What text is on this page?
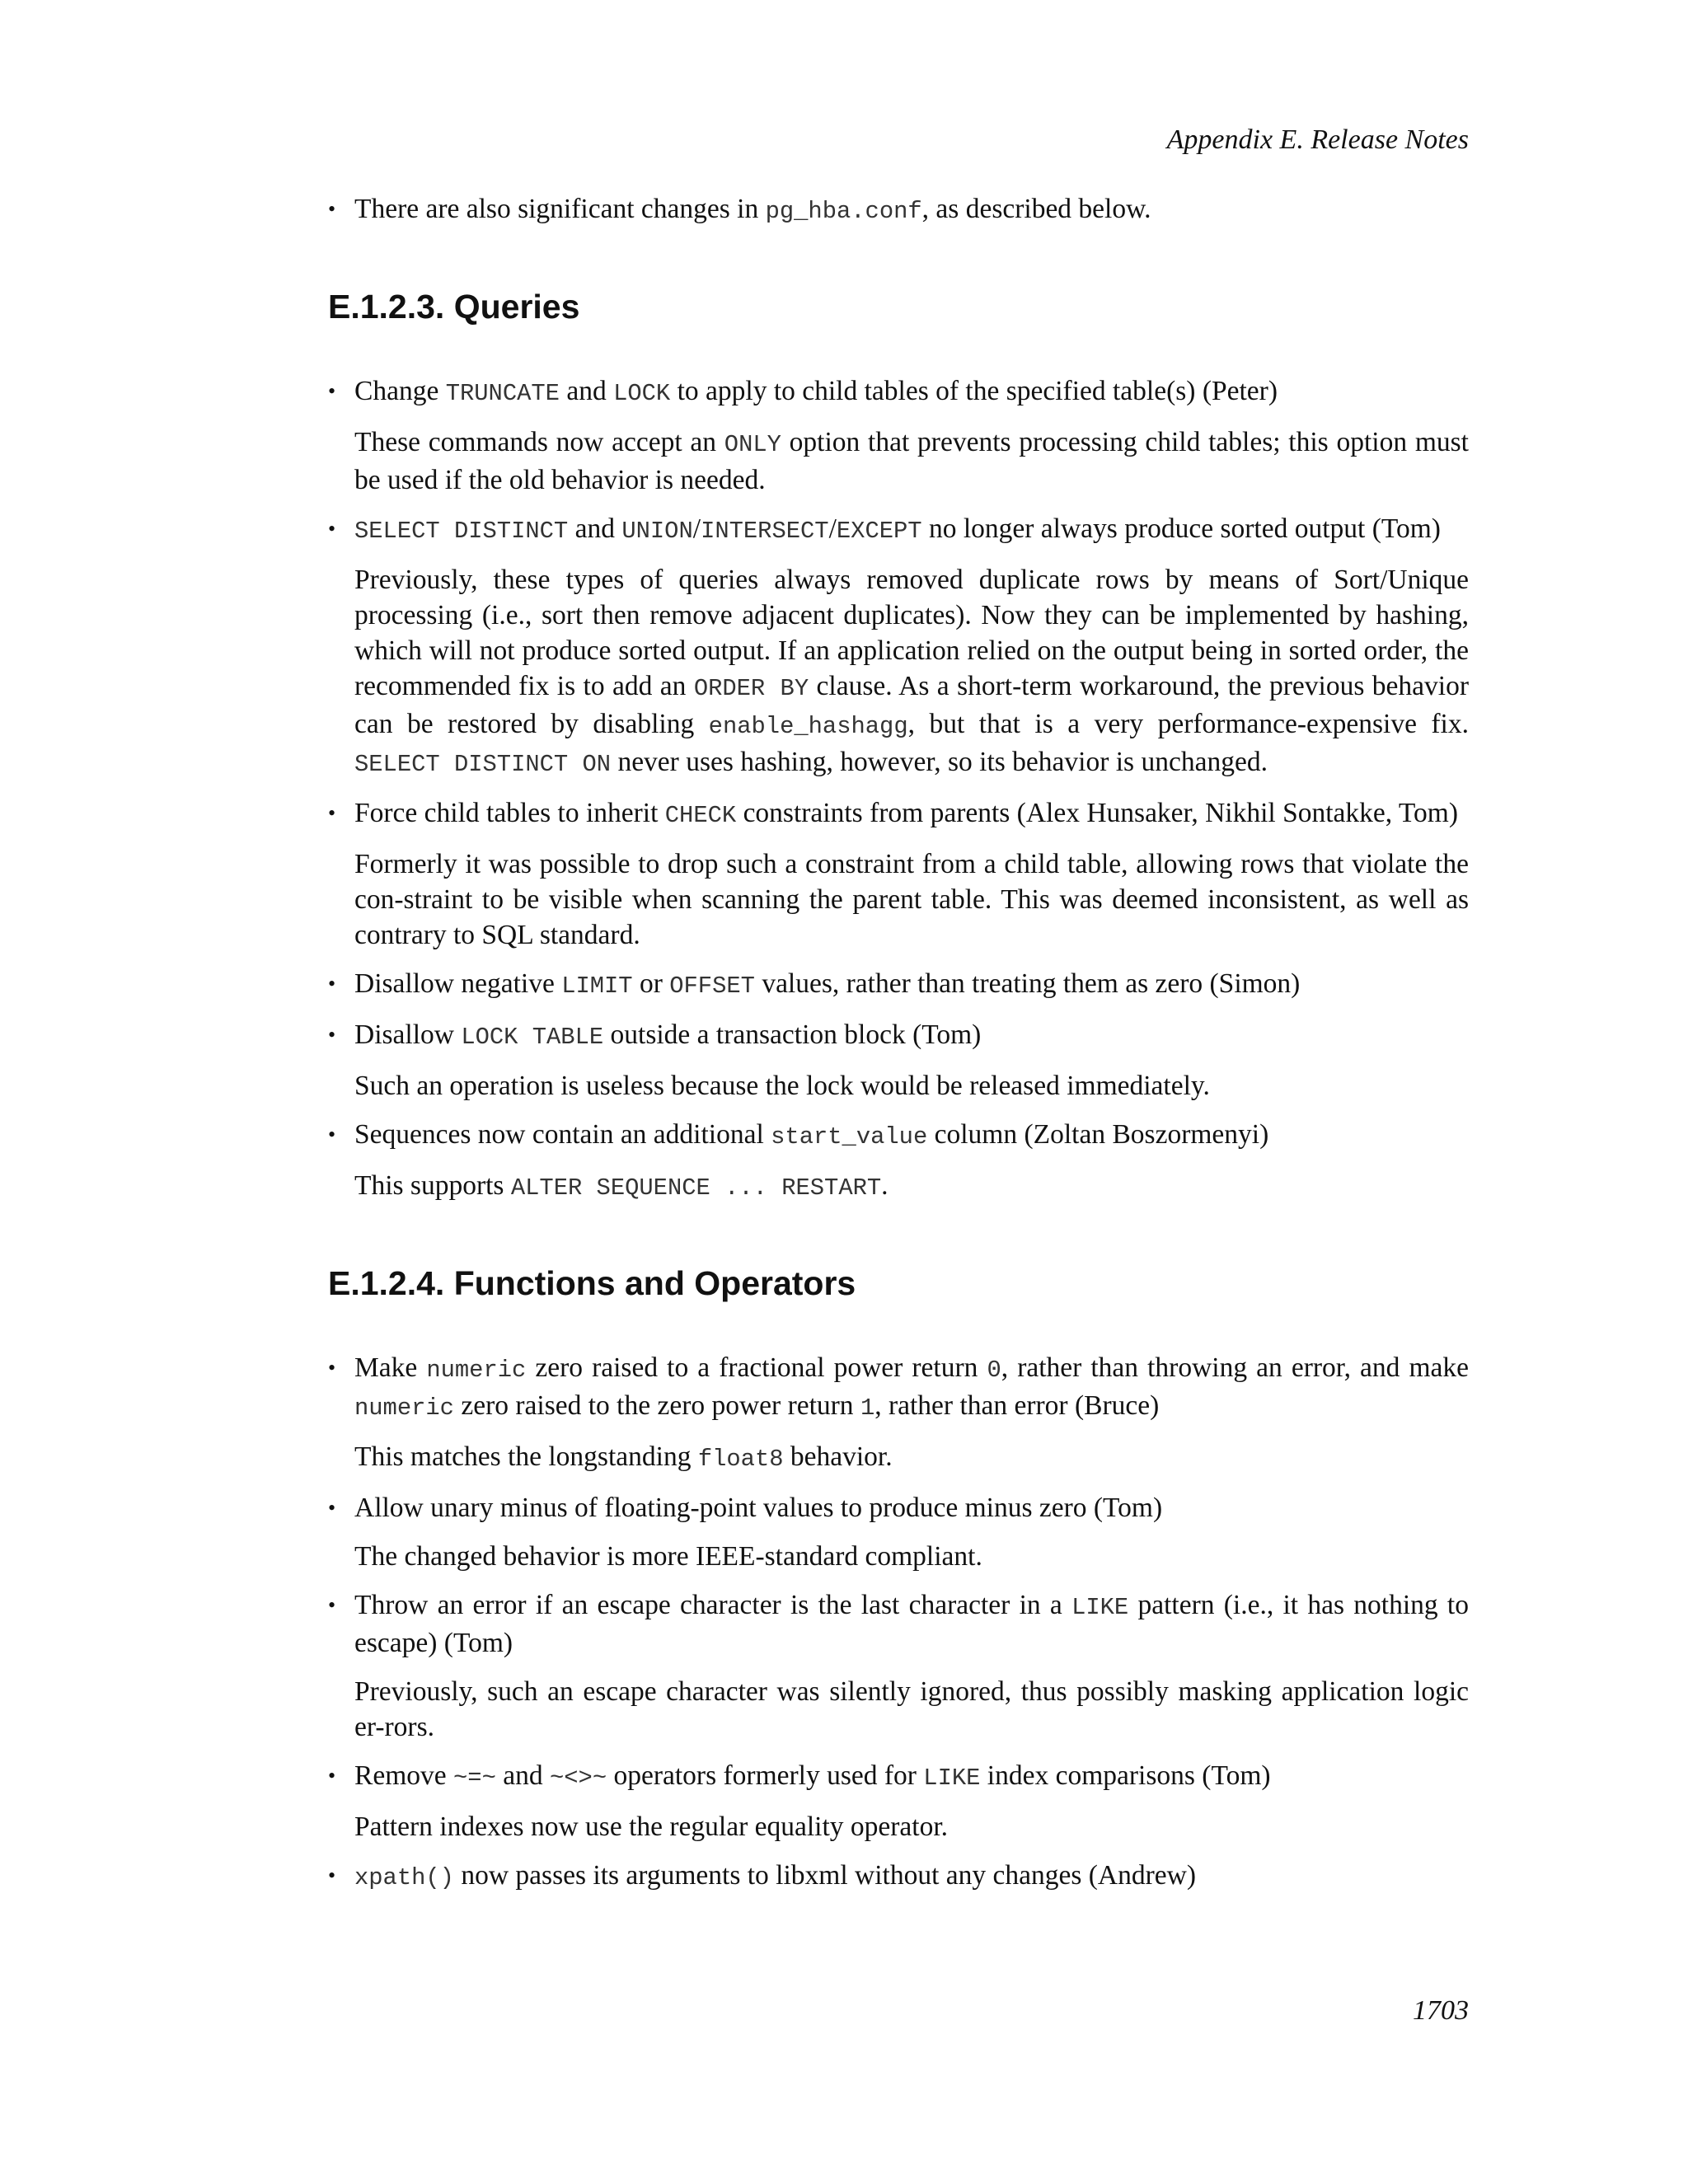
Appendix E. Release Notes
• There are also significant changes in pg_hba.conf, as described below.
E.1.2.3. Queries
• Change TRUNCATE and LOCK to apply to child tables of the specified table(s) (Peter)
These commands now accept an ONLY option that prevents processing child tables; this option must be used if the old behavior is needed.
• SELECT DISTINCT and UNION/INTERSECT/EXCEPT no longer always produce sorted output (Tom)
Previously, these types of queries always removed duplicate rows by means of Sort/Unique processing (i.e., sort then remove adjacent duplicates). Now they can be implemented by hashing, which will not produce sorted output. If an application relied on the output being in sorted order, the recommended fix is to add an ORDER BY clause. As a short-term workaround, the previous behavior can be restored by disabling enable_hashagg, but that is a very performance-expensive fix. SELECT DISTINCT ON never uses hashing, however, so its behavior is unchanged.
• Force child tables to inherit CHECK constraints from parents (Alex Hunsaker, Nikhil Sontakke, Tom)
Formerly it was possible to drop such a constraint from a child table, allowing rows that violate the con-straint to be visible when scanning the parent table. This was deemed inconsistent, as well as contrary to SQL standard.
• Disallow negative LIMIT or OFFSET values, rather than treating them as zero (Simon)
• Disallow LOCK TABLE outside a transaction block (Tom)
Such an operation is useless because the lock would be released immediately.
• Sequences now contain an additional start_value column (Zoltan Boszormenyi)
This supports ALTER SEQUENCE ... RESTART.
E.1.2.4. Functions and Operators
• Make numeric zero raised to a fractional power return 0, rather than throwing an error, and make numeric zero raised to the zero power return 1, rather than error (Bruce)
This matches the longstanding float8 behavior.
• Allow unary minus of floating-point values to produce minus zero (Tom)
The changed behavior is more IEEE-standard compliant.
• Throw an error if an escape character is the last character in a LIKE pattern (i.e., it has nothing to escape) (Tom)
Previously, such an escape character was silently ignored, thus possibly masking application logic er-rors.
• Remove ~=~ and ~<>~ operators formerly used for LIKE index comparisons (Tom)
Pattern indexes now use the regular equality operator.
• xpath() now passes its arguments to libxml without any changes (Andrew)
1703
